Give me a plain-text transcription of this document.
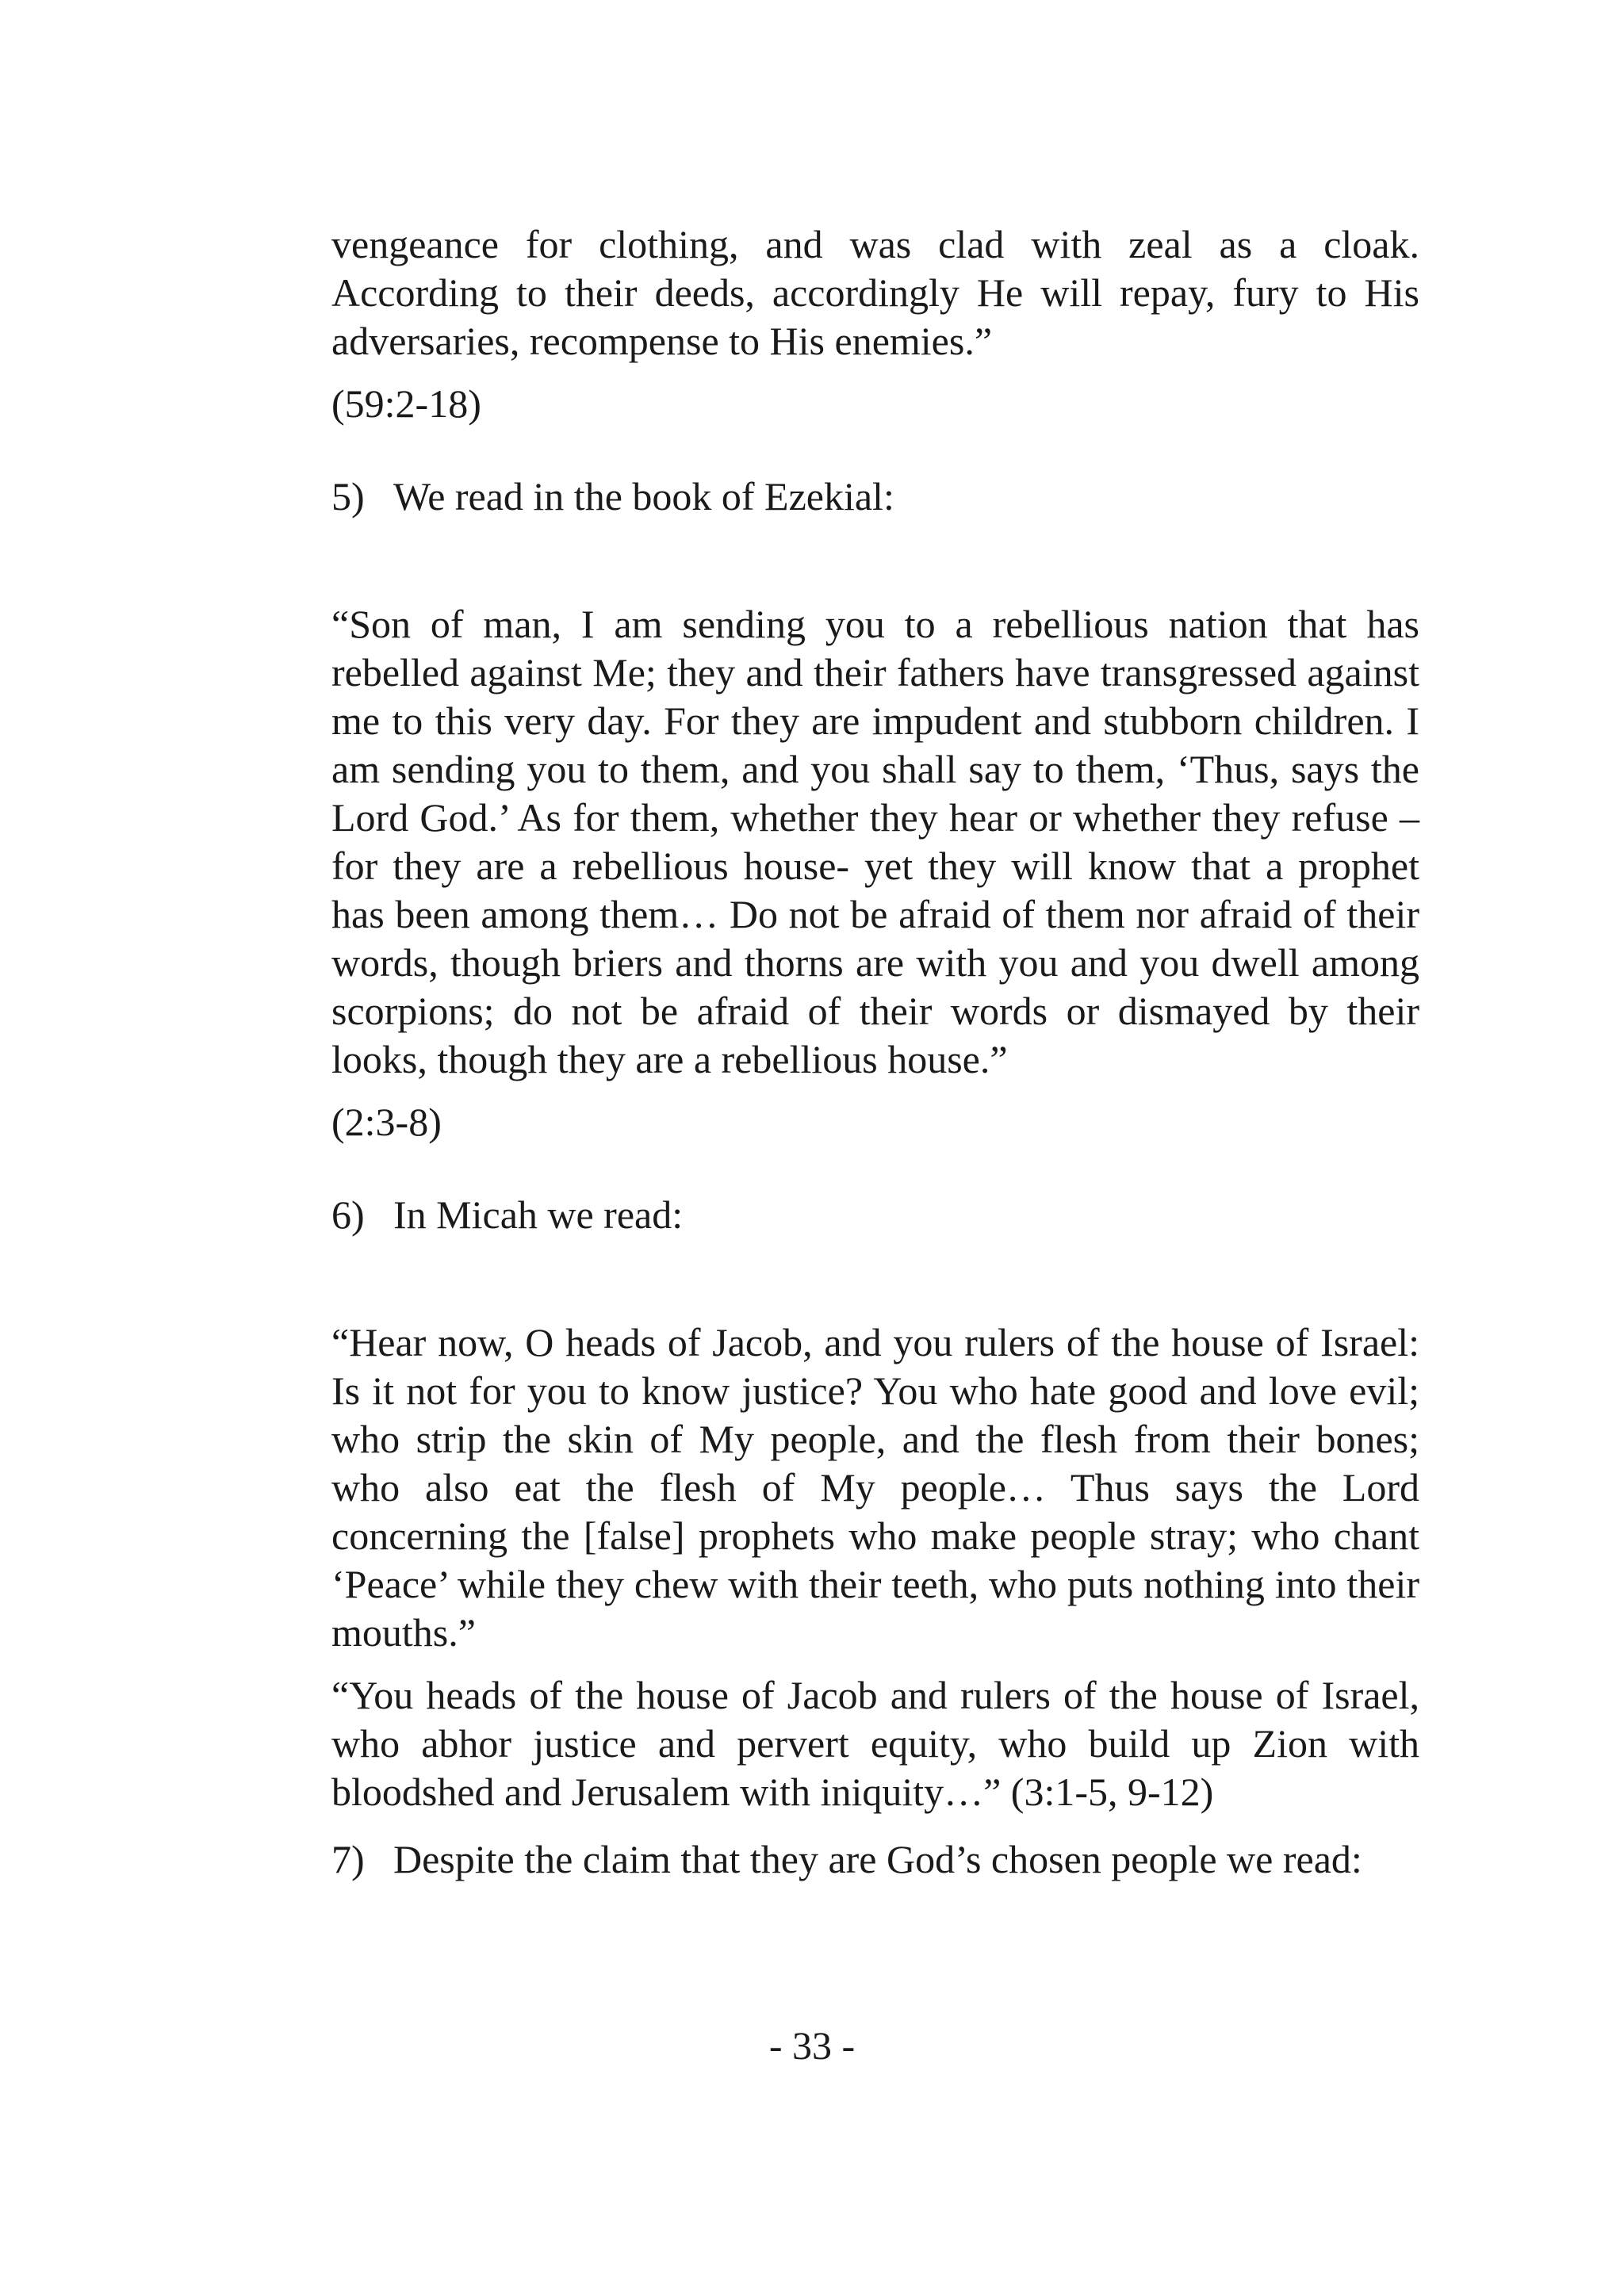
vengeance for clothing, and was clad with zeal as a cloak. According to their deeds, accordingly He will repay, fury to His adversaries, recompense to His enemies.”

(59:2-18)

5) We read in the book of Ezekial:

“Son of man, I am sending you to a rebellious nation that has rebelled against Me; they and their fathers have transgressed against me to this very day. For they are impudent and stubborn children. I am sending you to them, and you shall say to them, ‘Thus, says the Lord God.’ As for them, whether they hear or whether they refuse –for they are a rebellious house- yet they will know that a prophet has been among them… Do not be afraid of them nor afraid of their words, though briers and thorns are with you and you dwell among scorpions; do not be afraid of their words or dismayed by their looks, though they are a rebellious house.”

(2:3-8)

6) In Micah we read:

“Hear now, O heads of Jacob, and you rulers of the house of Israel: Is it not for you to know justice? You who hate good and love evil; who strip the skin of My people, and the flesh from their bones; who also eat the flesh of My people… Thus says the Lord concerning the [false] prophets who make people stray; who chant ‘Peace’ while they chew with their teeth, who puts nothing into their mouths.”

“You heads of the house of Jacob and rulers of the house of Israel, who abhor justice and pervert equity, who build up Zion with bloodshed and Jerusalem with iniquity…” (3:1-5, 9-12)

7) Despite the claim that they are God’s chosen people we read:

- 33 -
